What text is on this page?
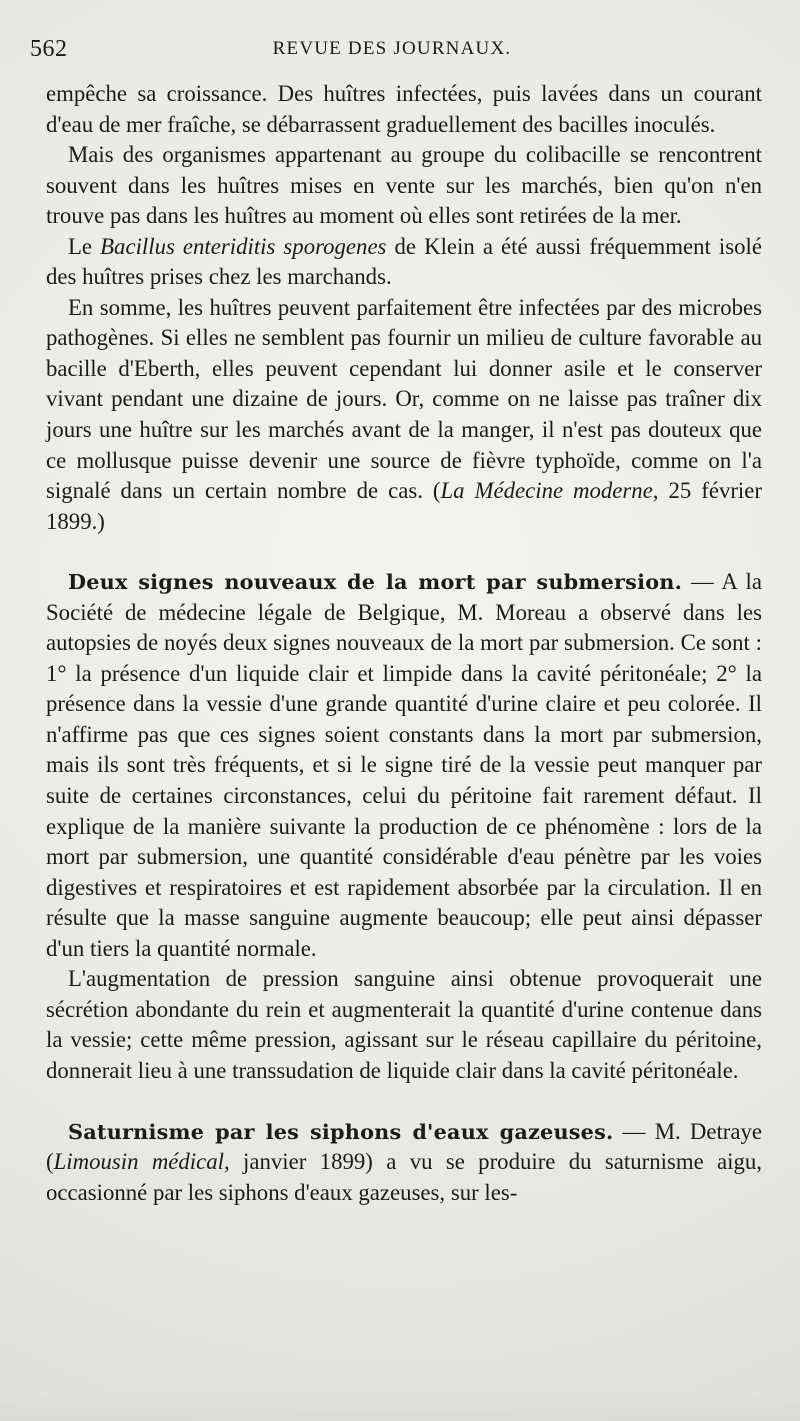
562	REVUE DES JOURNAUX.

empêche sa croissance. Des huîtres infectées, puis lavées dans un courant d'eau de mer fraîche, se débarrassent graduellement des bacilles inoculés.

Mais des organismes appartenant au groupe du colibacille se rencontrent souvent dans les huîtres mises en vente sur les marchés, bien qu'on n'en trouve pas dans les huîtres au moment où elles sont retirées de la mer.

Le Bacillus enteriditis sporogenes de Klein a été aussi fréquemment isolé des huîtres prises chez les marchands.

En somme, les huîtres peuvent parfaitement être infectées par des microbes pathogènes. Si elles ne semblent pas fournir un milieu de culture favorable au bacille d'Eberth, elles peuvent cependant lui donner asile et le conserver vivant pendant une dizaine de jours. Or, comme on ne laisse pas traîner dix jours une huître sur les marchés avant de la manger, il n'est pas douteux que ce mollusque puisse devenir une source de fièvre typhoïde, comme on l'a signalé dans un certain nombre de cas. (La Médecine moderne, 25 février 1899.)

Deux signes nouveaux de la mort par submersion. — A la Société de médecine légale de Belgique, M. Moreau a observé dans les autopsies de noyés deux signes nouveaux de la mort par submersion. Ce sont : 1° la présence d'un liquide clair et limpide dans la cavité péritonéale; 2° la présence dans la vessie d'une grande quantité d'urine claire et peu colorée. Il n'affirme pas que ces signes soient constants dans la mort par submersion, mais ils sont très fréquents, et si le signe tiré de la vessie peut manquer par suite de certaines circonstances, celui du péritoine fait rarement défaut. Il explique de la manière suivante la production de ce phénomène : lors de la mort par submersion, une quantité considérable d'eau pénètre par les voies digestives et respiratoires et est rapidement absorbée par la circulation. Il en résulte que la masse sanguine augmente beaucoup; elle peut ainsi dépasser d'un tiers la quantité normale.

L'augmentation de pression sanguine ainsi obtenue provoquerait une sécrétion abondante du rein et augmenterait la quantité d'urine contenue dans la vessie; cette même pression, agissant sur le réseau capillaire du péritoine, donnerait lieu à une transsudation de liquide clair dans la cavité péritonéale.

Saturnisme par les siphons d'eaux gazeuses. — M. Detraye (Limousin médical, janvier 1899) a vu se produire du saturnisme aigu, occasionné par les siphons d'eaux gazeuses, sur les-
